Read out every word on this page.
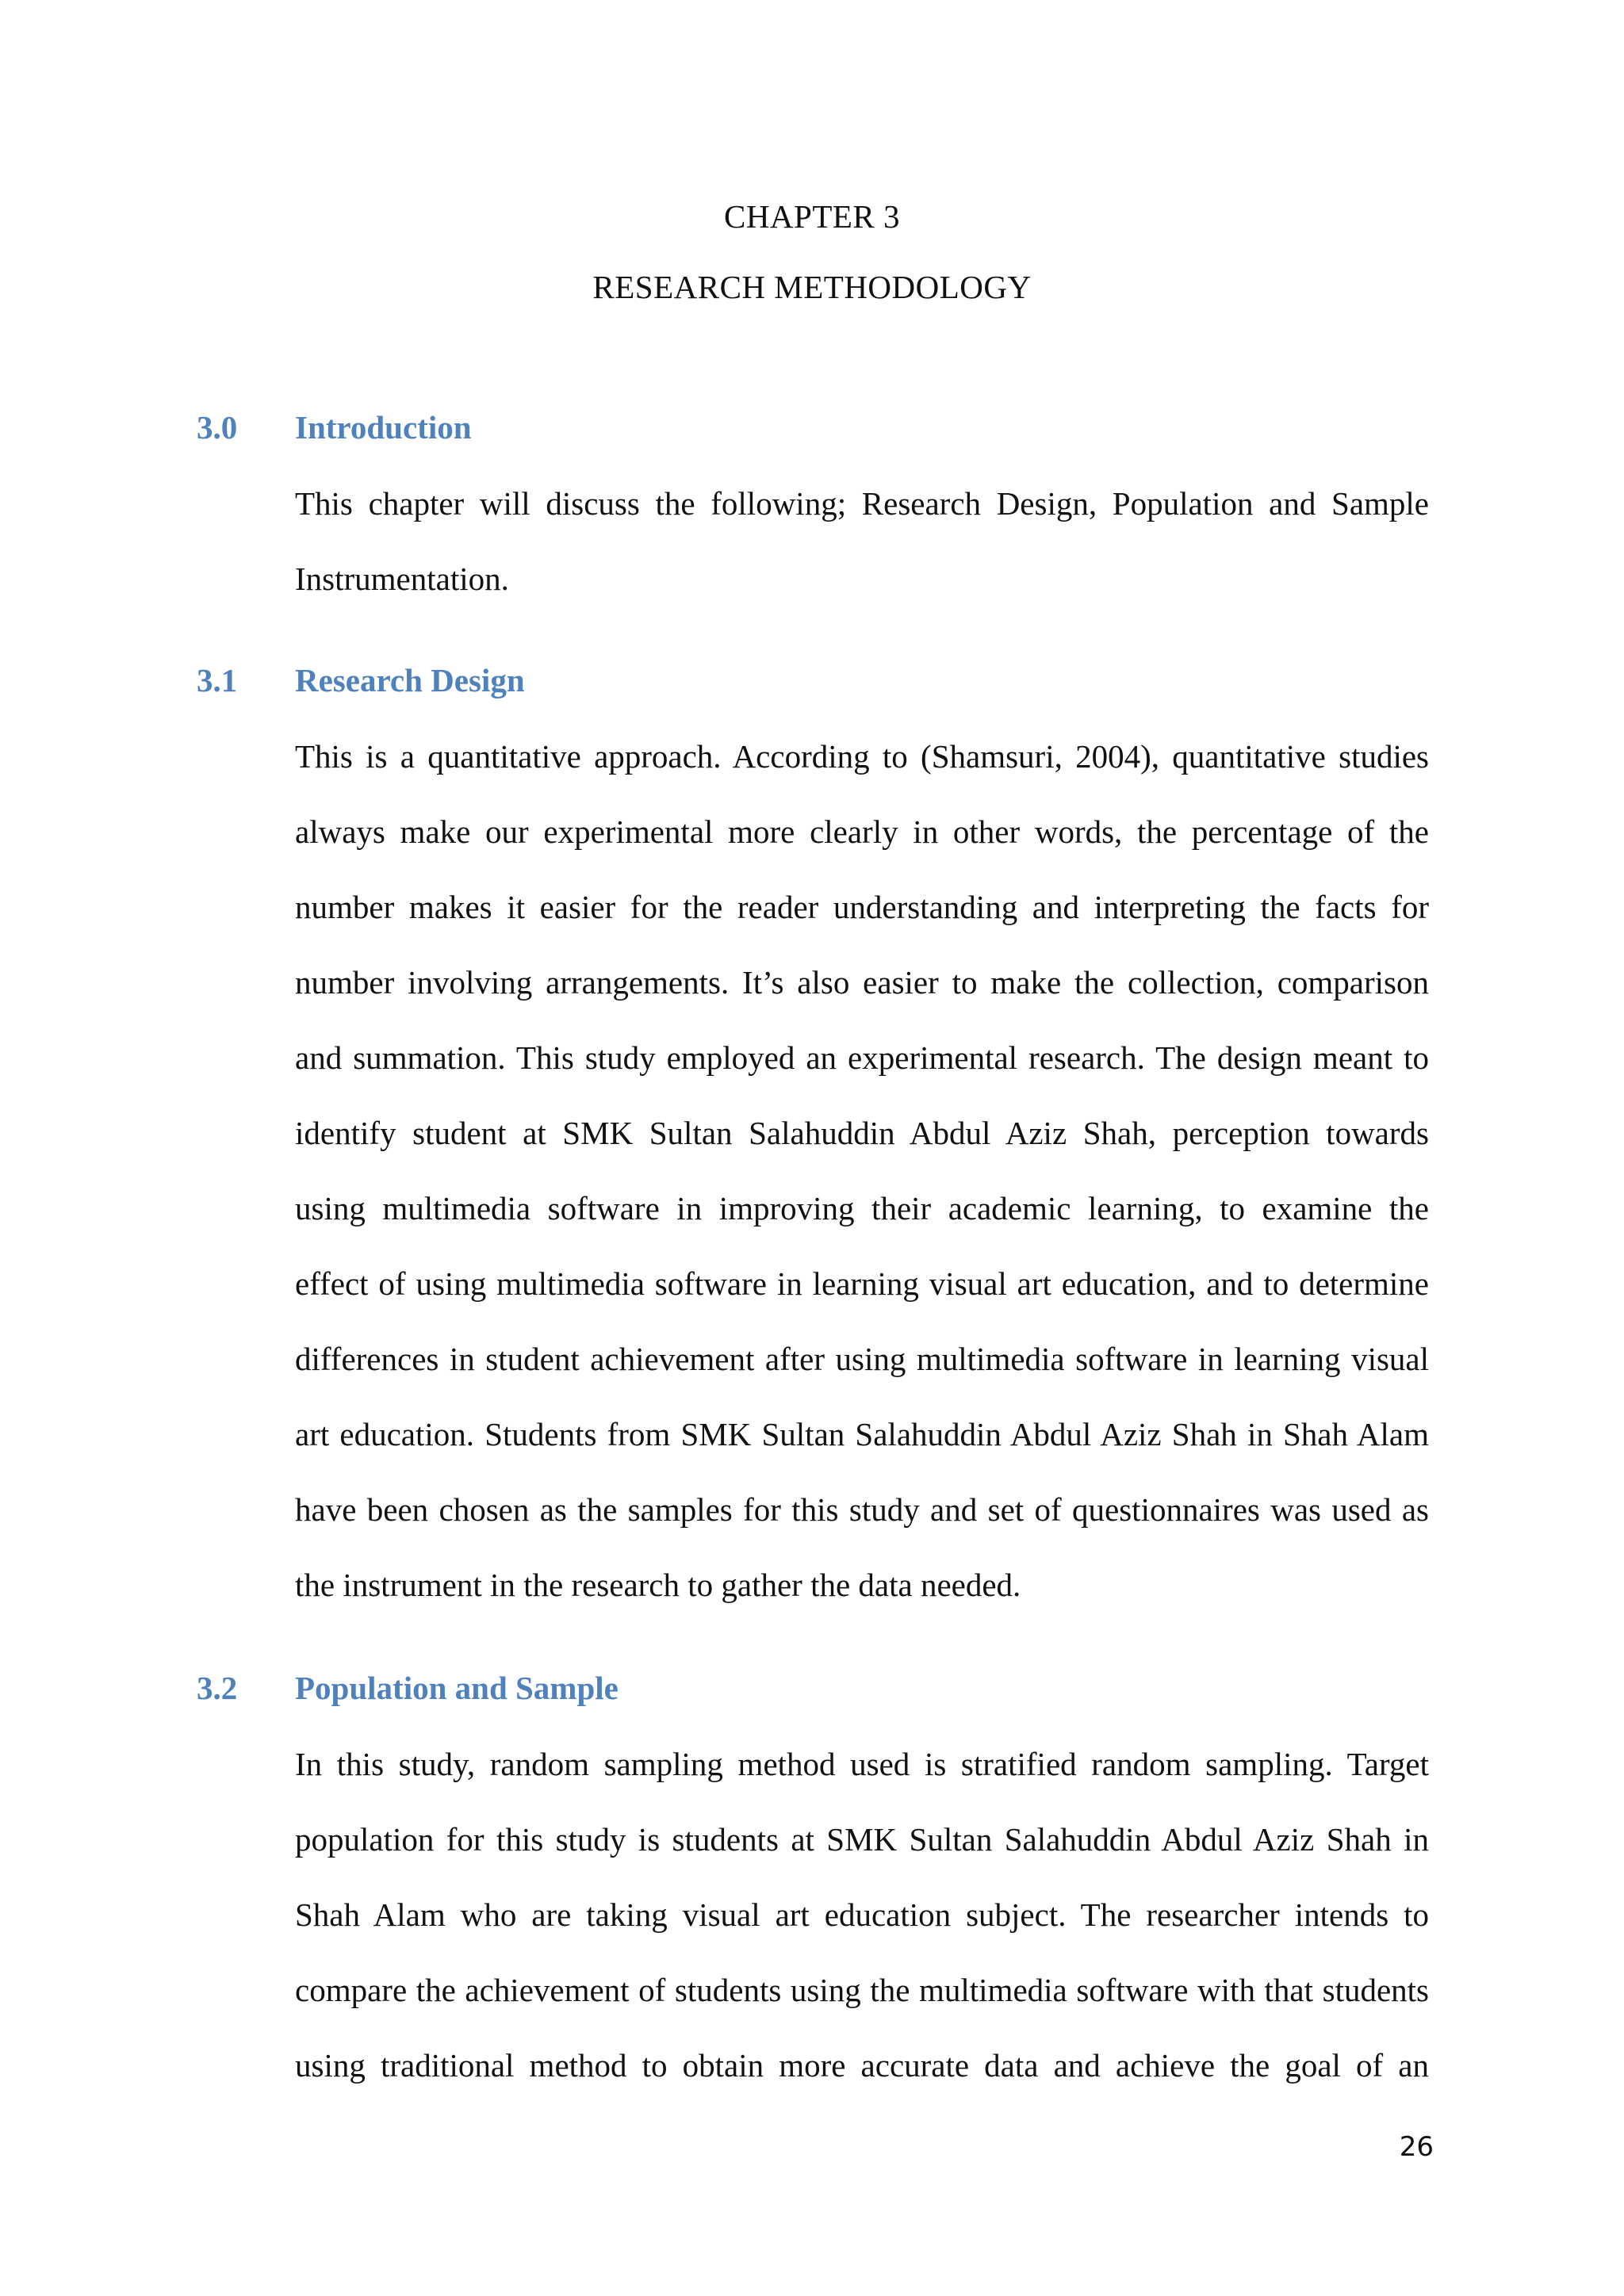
CHAPTER 3
RESEARCH METHODOLOGY
3.0 Introduction
This chapter will discuss the following; Research Design, Population and Sample
Instrumentation.
3.1 Research Design
This is a quantitative approach. According to (Shamsuri, 2004), quantitative studies
always make our experimental more clearly in other words, the percentage of the
number makes it easier for the reader understanding and interpreting the facts for
number involving arrangements. It’s also easier to make the collection, comparison
and summation. This study employed an experimental research. The design meant to
identify student at SMK Sultan Salahuddin Abdul Aziz Shah, perception towards
using multimedia software in improving their academic learning, to examine the
effect of using multimedia software in learning visual art education, and to determine
differences in student achievement after using multimedia software in learning visual
art education. Students from SMK Sultan Salahuddin Abdul Aziz Shah in Shah Alam
have been chosen as the samples for this study and set of questionnaires was used as
the instrument in the research to gather the data needed.
3.2 Population and Sample
In this study, random sampling method used is stratified random sampling. Target
population for this study is students at SMK Sultan Salahuddin Abdul Aziz Shah in
Shah Alam who are taking visual art education subject. The researcher intends to
compare the achievement of students using the multimedia software with that students
using traditional method to obtain more accurate data and achieve the goal of an
26
